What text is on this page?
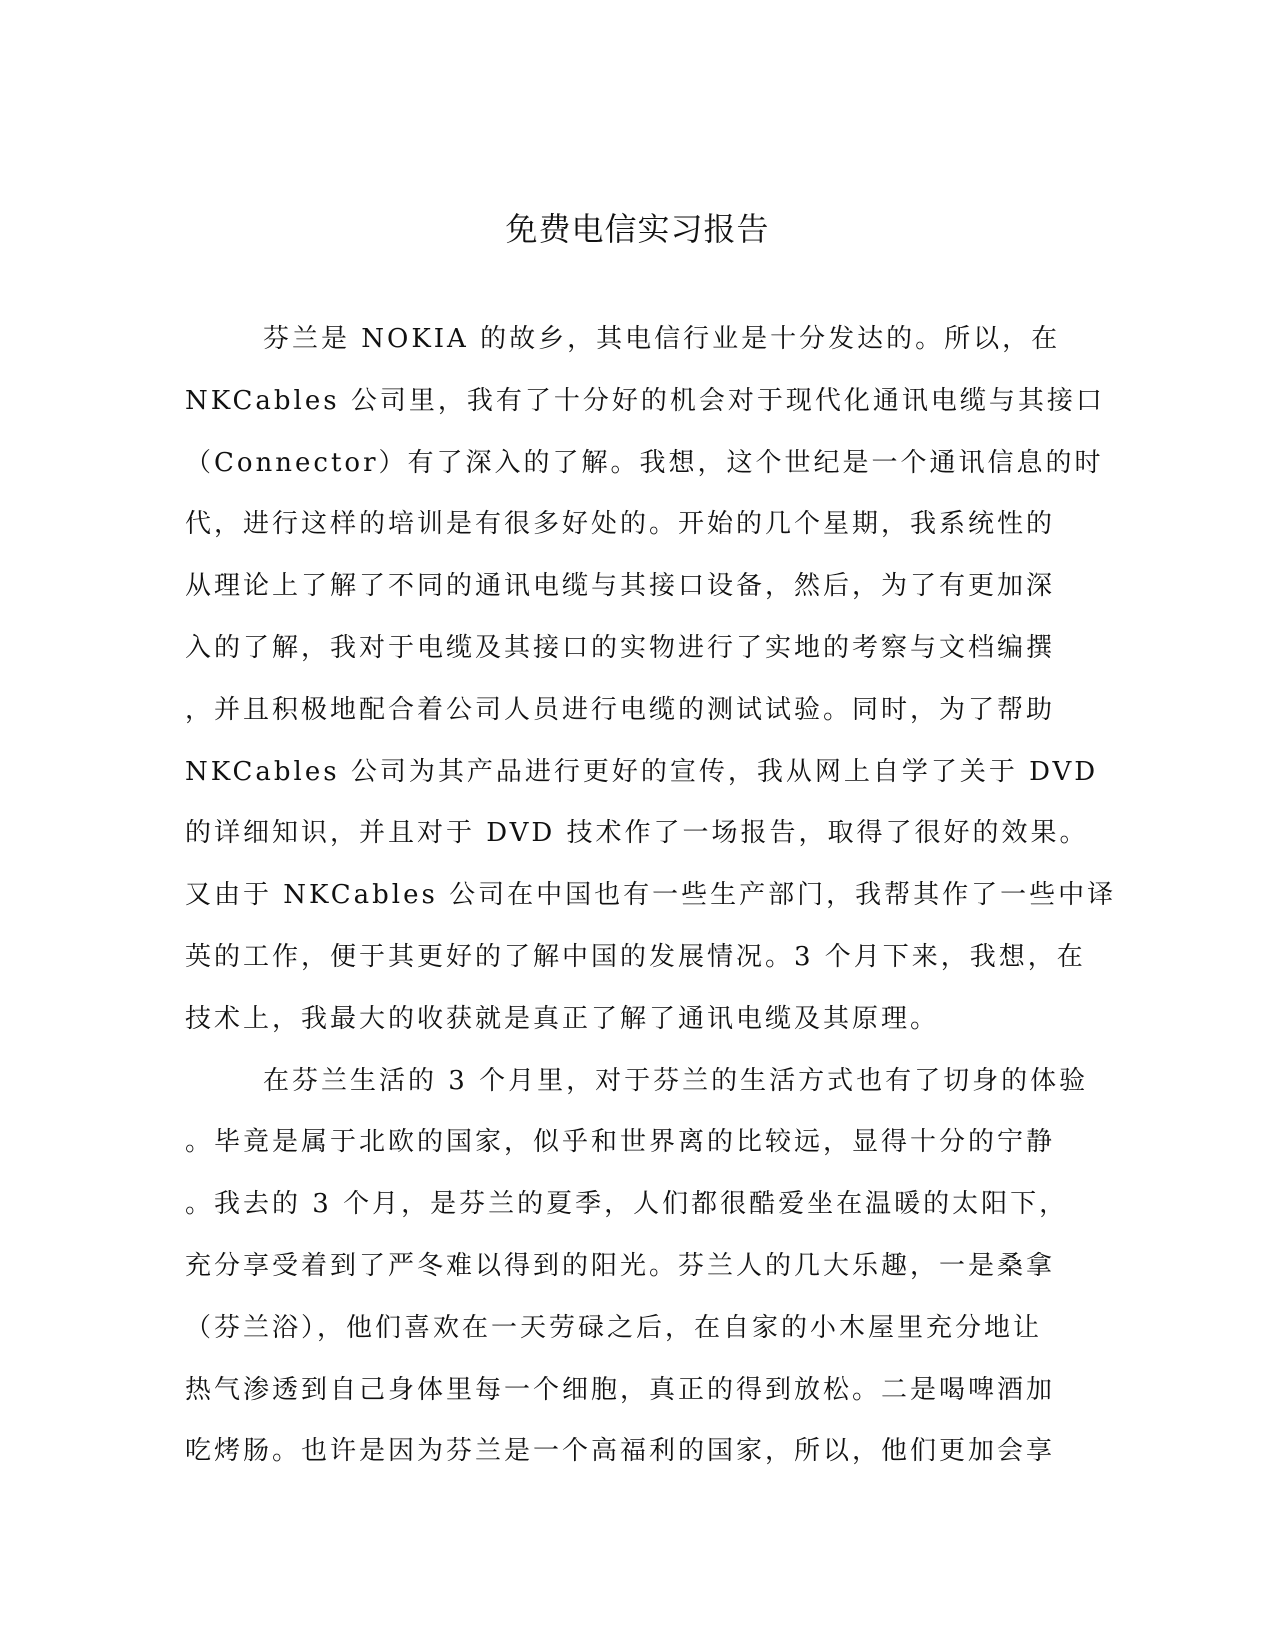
免费电信实习报告
芬兰是 NOKIA 的故乡，其电信行业是十分发达的。所以，在
NKCables 公司里，我有了十分好的机会对于现代化通讯电缆与其接口
（Connector）有了深入的了解。我想，这个世纪是一个通讯信息的时
代，进行这样的培训是有很多好处的。开始的几个星期，我系统性的
从理论上了解了不同的通讯电缆与其接口设备，然后，为了有更加深
入的了解，我对于电缆及其接口的实物进行了实地的考察与文档编撰
，并且积极地配合着公司人员进行电缆的测试试验。同时，为了帮助
NKCables 公司为其产品进行更好的宣传，我从网上自学了关于 DVD
的详细知识，并且对于 DVD 技术作了一场报告，取得了很好的效果。
又由于 NKCables 公司在中国也有一些生产部门，我帮其作了一些中译
英的工作，便于其更好的了解中国的发展情况。3 个月下来，我想，在
技术上，我最大的收获就是真正了解了通讯电缆及其原理。
在芬兰生活的 3 个月里，对于芬兰的生活方式也有了切身的体验
。毕竟是属于北欧的国家，似乎和世界离的比较远，显得十分的宁静
。我去的 3 个月，是芬兰的夏季，人们都很酷爱坐在温暖的太阳下，
充分享受着到了严冬难以得到的阳光。芬兰人的几大乐趣，一是桑拿
（芬兰浴），他们喜欢在一天劳碌之后，在自家的小木屋里充分地让
热气渗透到自己身体里每一个细胞，真正的得到放松。二是喝啤酒加
吃烤肠。也许是因为芬兰是一个高福利的国家，所以，他们更加会享
